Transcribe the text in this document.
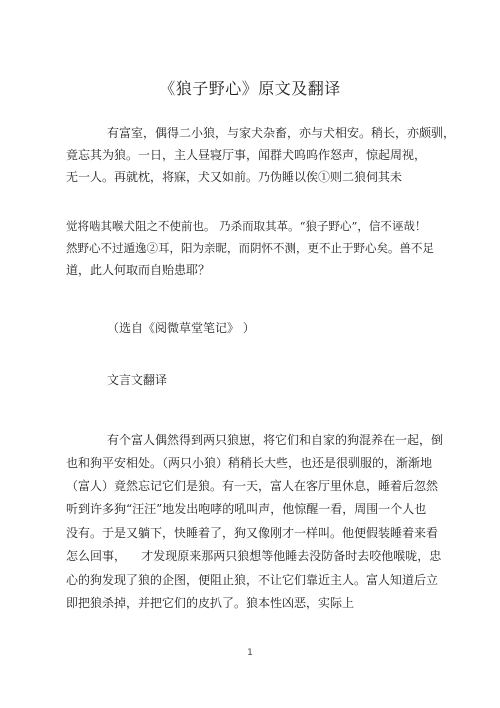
《狼子野心》原文及翻译

有富室，偶得二小狼，与家犬杂畜，亦与犬相安。稍长，亦颇驯，

竟忘其为狼。一日，主人昼寝厅事，闻群犬呜呜作怒声，惊起周视，

无一人。再就枕，将寐，犬又如前。乃伪睡以俟①则二狼伺其未

觉将啮其喉犬阻之不使前也。 乃杀而取其革。“狼子野心”，信不诬哉！

然野心不过遁逸②耳，阳为亲昵，而阴怀不测，更不止于野心矣。兽不足

道，此人何取而自贻患耶？

（选自《阅微草堂笔记》 ）

文言文翻译

有个富人偶然得到两只狼崽，将它们和自家的狗混养在一起，倒

也和狗平安相处。（两只小狼）稍稍长大些，也还是很驯服的，渐渐地

（富人）竟然忘记它们是狼。有一天，富人在客厅里休息，睡着后忽然

听到许多狗“汪汪”地发出咆哮的吼叫声，他惊醒一看，周围一个人也

没有。于是又躺下，快睡着了，狗又像刚才一样叫。他便假装睡着来看

怎么回事，    才发现原来那两只狼想等他睡去没防备时去咬他喉咙，忠

心的狗发现了狼的企图，便阻止狼，不让它们靠近主人。富人知道后立

即把狼杀掉，并把它们的皮扒了。狼本性凶恶，实际上

1
